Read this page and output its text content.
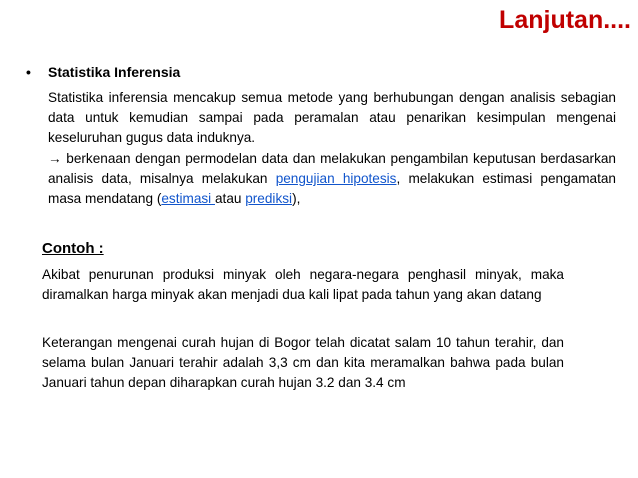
Lanjutan....
•	Statistika Inferensia
Statistika inferensia mencakup semua metode yang berhubungan dengan analisis sebagian data untuk kemudian sampai pada peramalan atau penarikan kesimpulan mengenai keseluruhan gugus data induknya.
→ berkenaan dengan permodelan data dan melakukan pengambilan keputusan berdasarkan analisis data, misalnya melakukan pengujian hipotesis, melakukan estimasi pengamatan masa mendatang (estimasi atau prediksi),
Contoh :
Akibat penurunan produksi minyak oleh negara-negara penghasil minyak, maka diramalkan harga minyak akan menjadi dua kali lipat pada tahun yang akan datang
Keterangan mengenai curah hujan di Bogor telah dicatat salam 10 tahun terahir, dan selama bulan Januari terahir adalah 3,3 cm dan kita meramalkan bahwa pada bulan Januari tahun depan diharapkan curah hujan 3.2 dan 3.4 cm
